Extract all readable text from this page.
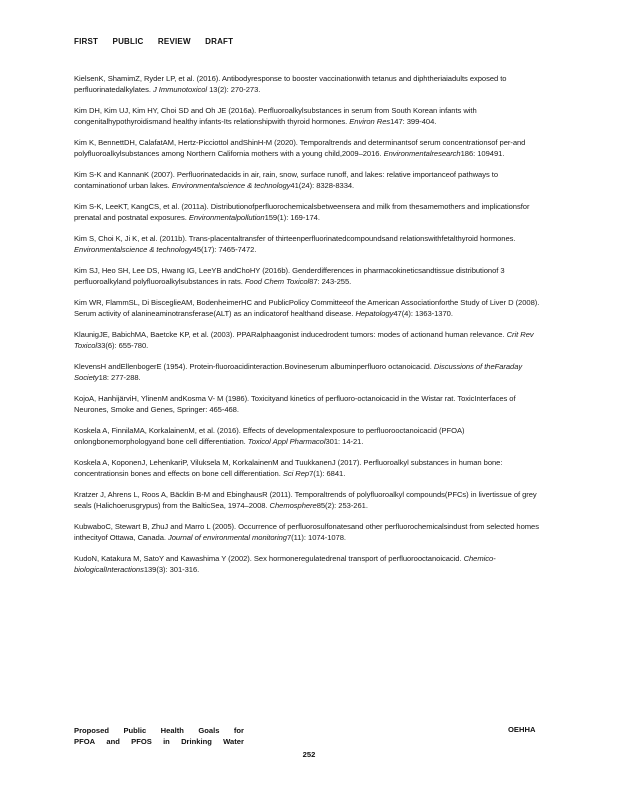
FIRST PUBLIC REVIEW DRAFT

KielsenK, ShamimZ, Ryder LP, et al. (2016). Antibodyresponse to booster vaccinationwith tetanus and diphtheriaiadults exposed to perfluorinatedalkylates. J Immunotoxicol 13(2): 270-273.

Kim DH, Kim UJ, Kim HY, Choi SD and Oh JE (2016a). Perfluoroalkylsubstances in serum from South Korean infants with congenitalhypothyroidismand healthy infants-Its relationshipwith thyroid hormones. Environ Res147: 399-404.

Kim K, BennettDH, CalafatAM, Hertz-Picciottol andShinH-M (2020). Temporaltrends and determinantsof serum concentrationsof per-and polyfluoroalkylsubstances among Northern California mothers with a young child,2009–2016. Environmentalresearch186: 109491.

Kim S-K and KannanK (2007). Perfluorinatedacids in air, rain, snow, surface runoff, and lakes: relative importanceof pathways to contaminationof urban lakes. Environmentalscience & technology41(24): 8328-8334.

Kim S-K, LeeKT, KangCS, et al. (2011a). Distributionofperfluorochemicalsbetweensera and milk from thesamemothers and implicationsfor prenatal and postnatal exposures. Environmentalpollution159(1): 169-174.

Kim S, Choi K, Ji K, et al. (2011b). Trans-placentaltransfer of thirteenperfluorinatedcompoundsand relationswithfetalthyroid hormones. Environmentalscience & technology45(17): 7465-7472.

Kim SJ, Heo SH, Lee DS, Hwang IG, LeeYB andChoHY (2016b). Genderdifferences in pharmacokineticsandtissue distributionof 3 perfluoroalkyland polyfluoroalkylsubstances in rats. Food Chem Toxicol87: 243-255.

Kim WR, FlammSL, Di BisceglieAM, BodenheimerHC and PublicPolicy Committeeof the American Associationforthe Study of Liver D (2008). Serum activity of alanineaminotransferase(ALT) as an indicatorof healthand disease. Hepatology47(4): 1363-1370.

KlaunigJE, BabichMA, Baetcke KP, et al. (2003). PPARalphaagonist inducedrodent tumors: modes of actionand human relevance. Crit Rev Toxicol33(6): 655-780.

KlevensH andEllenbogerE (1954). Protein-fluoroacidinteraction.Bovineserum albuminperfluoro octanoicacid. Discussions of theFaraday Society18: 277-288.

KojoA, HanhijärviH, YlinenM andKosma V- M (1986). Toxicityand kinetics of perfluoro-octanoicacid in the Wistar rat. ToxicInterfaces of Neurones, Smoke and Genes, Springer: 465-468.

Koskela A, FinnilaMA, KorkalainenM, et al. (2016). Effects of developmentalexposure to perfluorooctanoicacid (PFOA) onlongbonemorphologyand bone cell differentiation. Toxicol Appl Pharmacol301: 14-21.

Koskela A, KoponenJ, LehenkariP, Viluksela M, KorkalainenM and TuukkanenJ (2017). Perfluoroalkyl substances in human bone: concentrationsin bones and effects on bone cell differentiation. Sci Rep7(1): 6841.

Kratzer J, Ahrens L, Roos A, Bäcklin B-M and EbinghausR (2011). Temporaltrends of polyfluoroalkyl compounds(PFCs) in livertissue of grey seals (Halichoerusgrypus) from the BalticSea, 1974–2008. Chemosphere85(2): 253-261.

KubwaboC, Stewart B, ZhuJ and Marro L (2005). Occurrence of perfluorosulfonatesand other perfluorochemicalsindust from selected homes inthecityof Ottawa, Canada. Journal of environmental monitoring7(11): 1074-1078.

KudoN, Katakura M, SatoY and Kawashima Y (2002). Sex hormoneregulatedrenal transport of perfluorooctanoicacid. Chemico-biologicalInteractions139(3): 301-316.

Proposed Public Health Goals for
PFOA and PFOS in Drinking Water
OEHHA
252
